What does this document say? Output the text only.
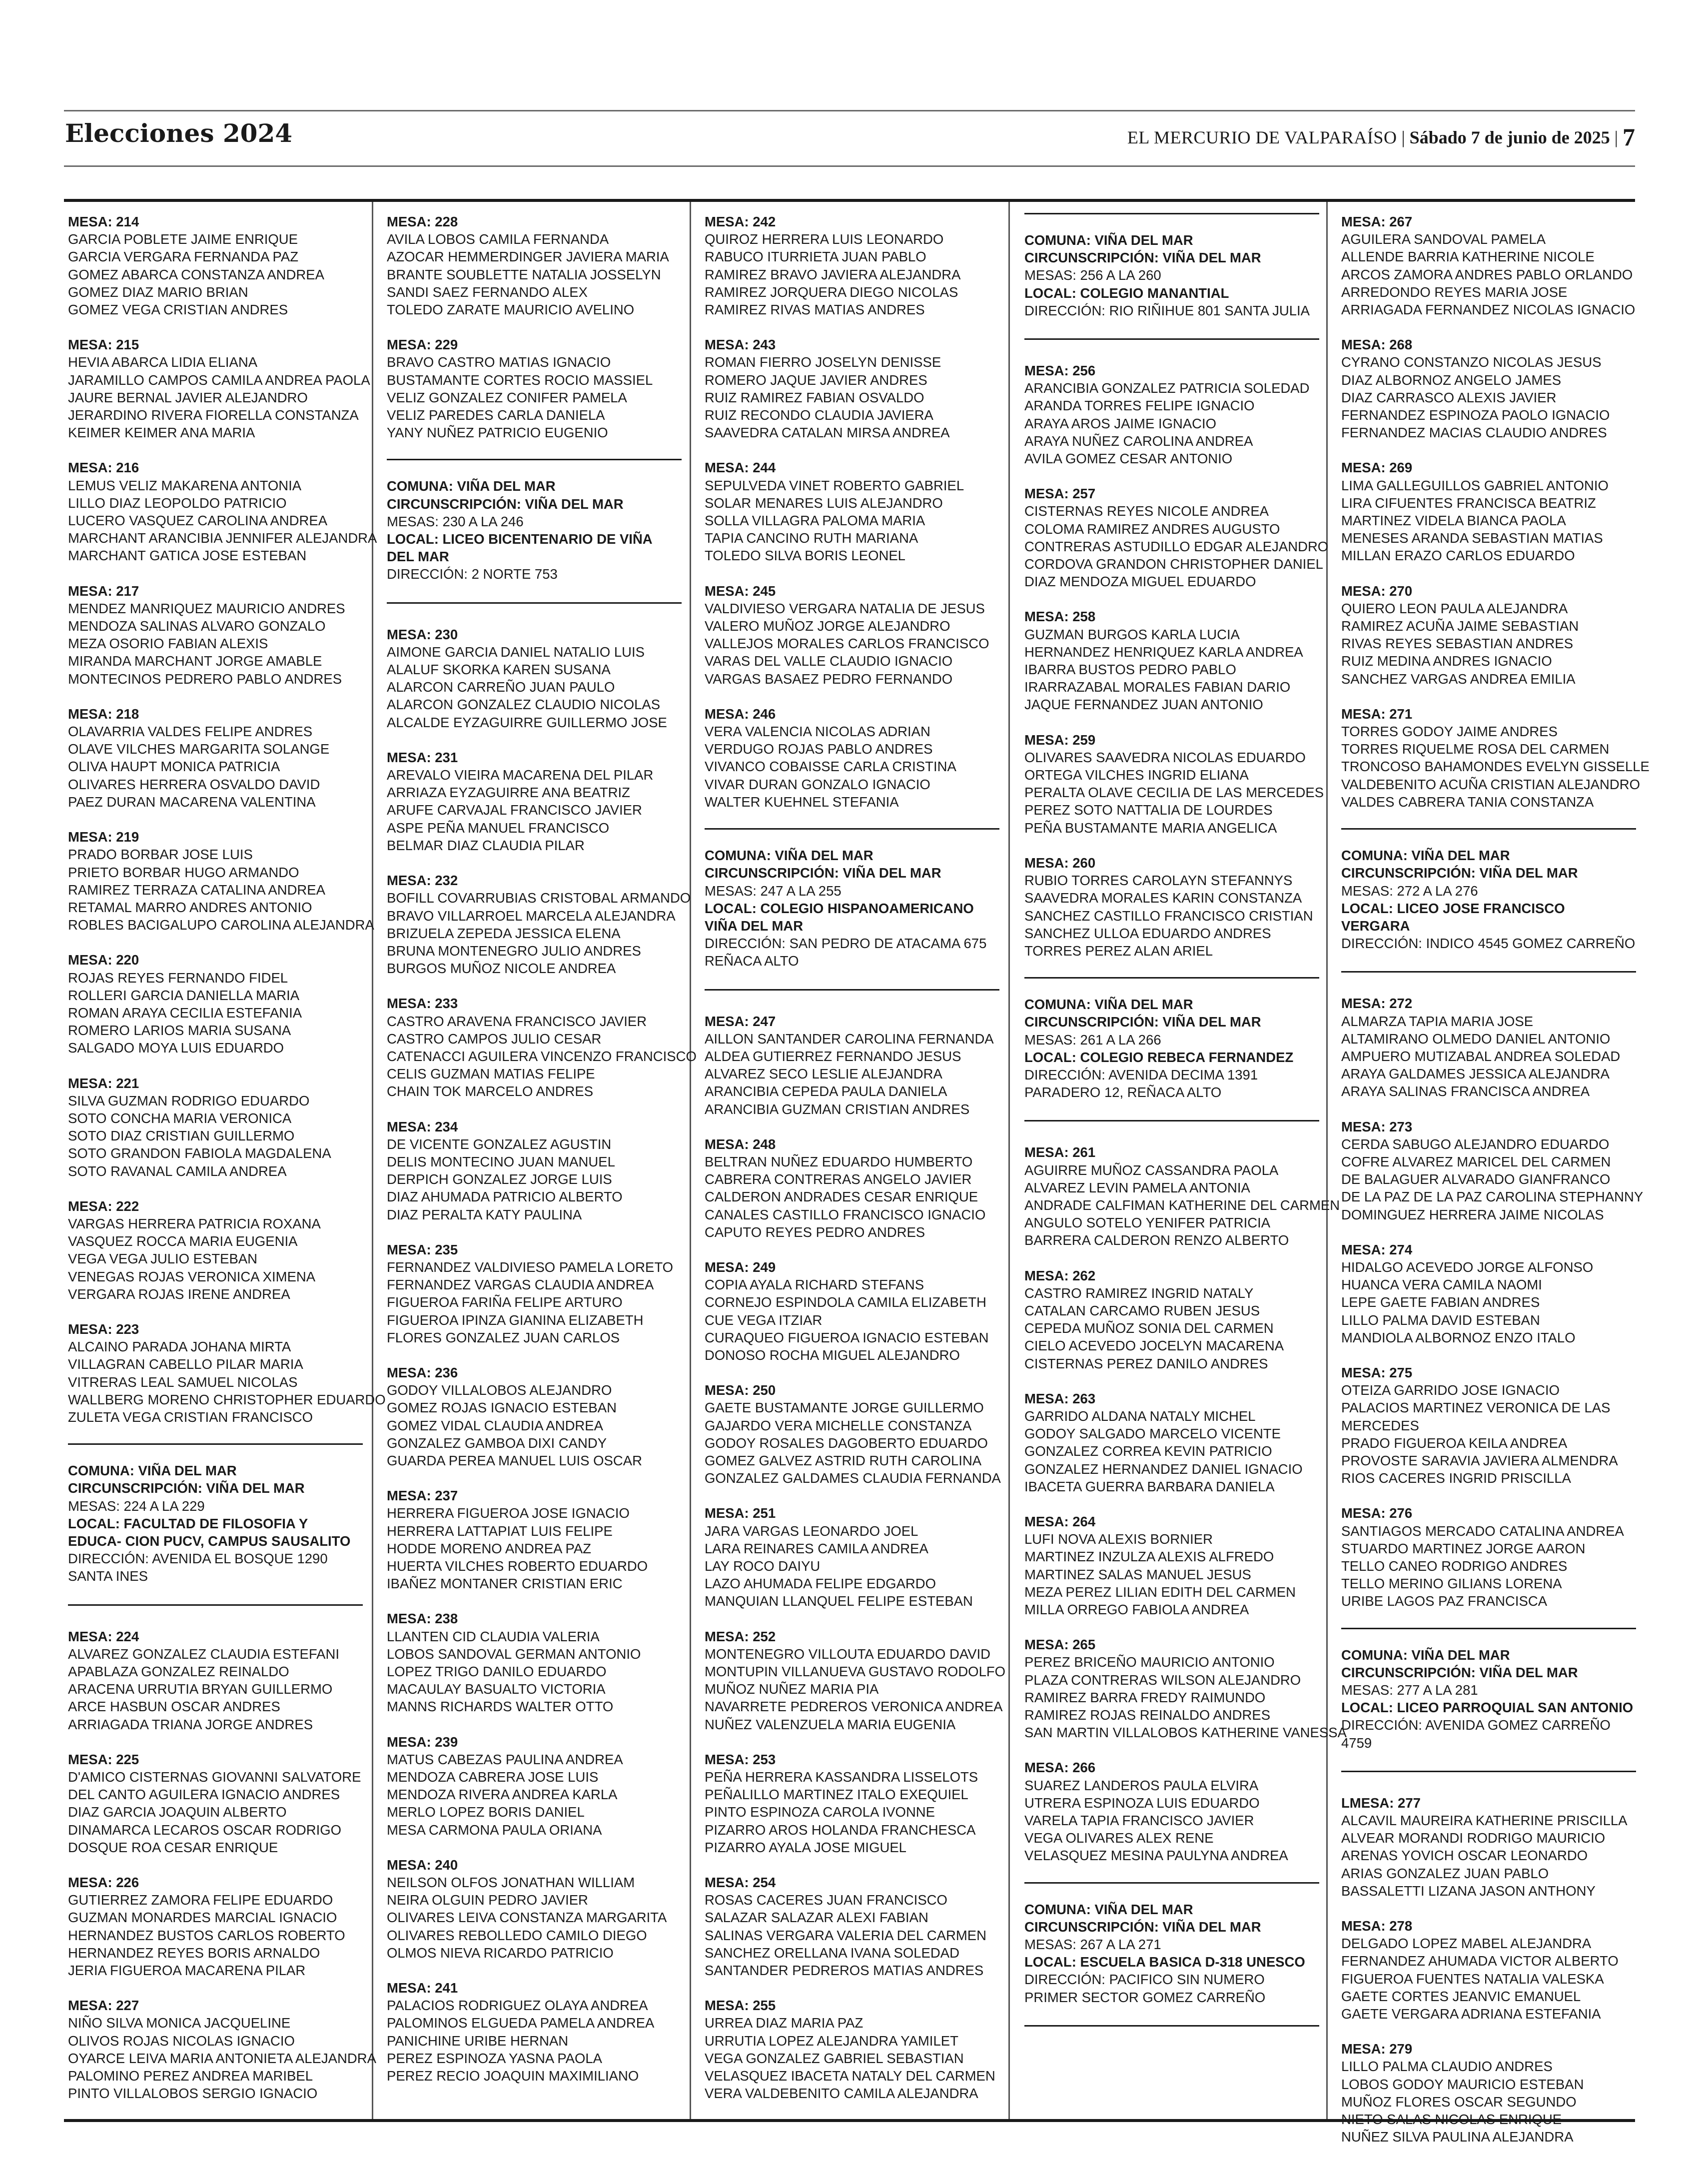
Elecciones 2024	EL MERCURIO DE VALPARAÍSO | Sábado 7 de junio de 2025 | 7
MESA: 214
GARCIA POBLETE JAIME ENRIQUE
GARCIA VERGARA FERNANDA PAZ
GOMEZ ABARCA CONSTANZA ANDREA
GOMEZ DIAZ MARIO BRIAN
GOMEZ VEGA CRISTIAN ANDRES
MESA: 215
HEVIA ABARCA LIDIA ELIANA
JARAMILLO CAMPOS CAMILA ANDREA PAOLA
JAURE BERNAL JAVIER ALEJANDRO
JERARDINO RIVERA FIORELLA CONSTANZA
KEIMER KEIMER ANA MARIA
MESA: 216
LEMUS VELIZ MAKARENA ANTONIA
LILLO DIAZ LEOPOLDO PATRICIO
LUCERO VASQUEZ CAROLINA ANDREA
MARCHANT ARANCIBIA JENNIFER ALEJANDRA
MARCHANT GATICA JOSE ESTEBAN
MESA: 217
MENDEZ MANRIQUEZ MAURICIO ANDRES
MENDOZA SALINAS ALVARO GONZALO
MEZA OSORIO FABIAN ALEXIS
MIRANDA MARCHANT JORGE AMABLE
MONTECINOS PEDRERO PABLO ANDRES
MESA: 218
OLAVARRIA VALDES FELIPE ANDRES
OLAVE VILCHES MARGARITA SOLANGE
OLIVA HAUPT MONICA PATRICIA
OLIVARES HERRERA OSVALDO DAVID
PAEZ DURAN MACARENA VALENTINA
MESA: 219
PRADO BORBAR JOSE LUIS
PRIETO BORBAR HUGO ARMANDO
RAMIREZ TERRAZA CATALINA ANDREA
RETAMAL MARRO ANDRES ANTONIO
ROBLES BACIGALUPO CAROLINA ALEJANDRA
MESA: 220
ROJAS REYES FERNANDO FIDEL
ROLLERI GARCIA DANIELLA MARIA
ROMAN ARAYA CECILIA ESTEFANIA
ROMERO LARIOS MARIA SUSANA
SALGADO MOYA LUIS EDUARDO
MESA: 221
SILVA GUZMAN RODRIGO EDUARDO
SOTO CONCHA MARIA VERONICA
SOTO DIAZ CRISTIAN GUILLERMO
SOTO GRANDON FABIOLA MAGDALENA
SOTO RAVANAL CAMILA ANDREA
MESA: 222
VARGAS HERRERA PATRICIA ROXANA
VASQUEZ ROCCA MARIA EUGENIA
VEGA VEGA JULIO ESTEBAN
VENEGAS ROJAS VERONICA XIMENA
VERGARA ROJAS IRENE ANDREA
MESA: 223
ALCAINO PARADA JOHANA MIRTA
VILLAGRAN CABELLO PILAR MARIA
VITRERAS LEAL SAMUEL NICOLAS
WALLBERG MORENO CHRISTOPHER EDUARDO
ZULETA VEGA CRISTIAN FRANCISCO
COMUNA: VIÑA DEL MAR
CIRCUNSCRIPCIÓN: VIÑA DEL MAR
MESAS: 224 A LA 229
LOCAL: FACULTAD DE FILOSOFIA Y EDUCA- CION PUCV, CAMPUS SAUSALITO
DIRECCIÓN: AVENIDA EL BOSQUE 1290 SANTA INES
MESA: 224
ALVAREZ GONZALEZ CLAUDIA ESTEFANI
APABLAZA GONZALEZ REINALDO
ARACENA URRUTIA BRYAN GUILLERMO
ARCE HASBUN OSCAR ANDRES
ARRIAGADA TRIANA JORGE ANDRES
MESA: 225
D'AMICO CISTERNAS GIOVANNI SALVATORE
DEL CANTO AGUILERA IGNACIO ANDRES
DIAZ GARCIA JOAQUIN ALBERTO
DINAMARCA LECAROS OSCAR RODRIGO
DOSQUE ROA CESAR ENRIQUE
MESA: 226
GUTIERREZ ZAMORA FELIPE EDUARDO
GUZMAN MONARDES MARCIAL IGNACIO
HERNANDEZ BUSTOS CARLOS ROBERTO
HERNANDEZ REYES BORIS ARNALDO
JERIA FIGUEROA MACARENA PILAR
MESA: 227
NIÑO SILVA MONICA JACQUELINE
OLIVOS ROJAS NICOLAS IGNACIO
OYARCE LEIVA MARIA ANTONIETA ALEJANDRA
PALOMINO PEREZ ANDREA MARIBEL
PINTO VILLALOBOS SERGIO IGNACIO
MESA: 228
AVILA LOBOS CAMILA FERNANDA
AZOCAR HEMMERDINGER JAVIERA MARIA
BRANTE SOUBLETTE NATALIA JOSSELYN
SANDI SAEZ FERNANDO ALEX
TOLEDO ZARATE MAURICIO AVELINO
MESA: 229
BRAVO CASTRO MATIAS IGNACIO
BUSTAMANTE CORTES ROCIO MASSIEL
VELIZ GONZALEZ CONIFER PAMELA
VELIZ PAREDES CARLA DANIELA
YANY NUÑEZ PATRICIO EUGENIO
COMUNA: VIÑA DEL MAR
CIRCUNSCRIPCIÓN: VIÑA DEL MAR
MESAS: 230 A LA 246
LOCAL: LICEO BICENTENARIO DE VIÑA DEL MAR
DIRECCIÓN: 2 NORTE 753
MESA: 230
AIMONE GARCIA DANIEL NATALIO LUIS
ALALUF SKORKA KAREN SUSANA
ALARCON CARREÑO JUAN PAULO
ALARCON GONZALEZ CLAUDIO NICOLAS
ALCALDE EYZAGUIRRE GUILLERMO JOSE
MESA: 231
AREVALO VIEIRA MACARENA DEL PILAR
ARRIAZA EYZAGUIRRE ANA BEATRIZ
ARUFE CARVAJAL FRANCISCO JAVIER
ASPE PEÑA MANUEL FRANCISCO
BELMAR DIAZ CLAUDIA PILAR
MESA: 232
BOFILL COVARRUBIAS CRISTOBAL ARMANDO
BRAVO VILLARROEL MARCELA ALEJANDRA
BRIZUELA ZEPEDA JESSICA ELENA
BRUNA MONTENEGRO JULIO ANDRES
BURGOS MUÑOZ NICOLE ANDREA
MESA: 233
CASTRO ARAVENA FRANCISCO JAVIER
CASTRO CAMPOS JULIO CESAR
CATENACCI AGUILERA VINCENZO FRANCISCO
CELIS GUZMAN MATIAS FELIPE
CHAIN TOK MARCELO ANDRES
MESA: 234
DE VICENTE GONZALEZ AGUSTIN
DELIS MONTECINO JUAN MANUEL
DERPICH GONZALEZ JORGE LUIS
DIAZ AHUMADA PATRICIO ALBERTO
DIAZ PERALTA KATY PAULINA
MESA: 235
FERNANDEZ VALDIVIESO PAMELA LORETO
FERNANDEZ VARGAS CLAUDIA ANDREA
FIGUEROA FARIÑA FELIPE ARTURO
FIGUEROA IPINZA GIANINA ELIZABETH
FLORES GONZALEZ JUAN CARLOS
MESA: 236
GODOY VILLALOBOS ALEJANDRO
GOMEZ ROJAS IGNACIO ESTEBAN
GOMEZ VIDAL CLAUDIA ANDREA
GONZALEZ GAMBOA DIXI CANDY
GUARDA PEREA MANUEL LUIS OSCAR
MESA: 237
HERRERA FIGUEROA JOSE IGNACIO
HERRERA LATTAPIAT LUIS FELIPE
HODDE MORENO ANDREA PAZ
HUERTA VILCHES ROBERTO EDUARDO
IBAÑEZ MONTANER CRISTIAN ERIC
MESA: 238
LLANTEN CID CLAUDIA VALERIA
LOBOS SANDOVAL GERMAN ANTONIO
LOPEZ TRIGO DANILO EDUARDO
MACAULAY BASUALTO VICTORIA
MANNS RICHARDS WALTER OTTO
MESA: 239
MATUS CABEZAS PAULINA ANDREA
MENDOZA CABRERA JOSE LUIS
MENDOZA RIVERA ANDREA KARLA
MERLO LOPEZ BORIS DANIEL
MESA CARMONA PAULA ORIANA
MESA: 240
NEILSON OLFOS JONATHAN WILLIAM
NEIRA OLGUIN PEDRO JAVIER
OLIVARES LEIVA CONSTANZA MARGARITA
OLIVARES REBOLLEDO CAMILO DIEGO
OLMOS NIEVA RICARDO PATRICIO
MESA: 241
PALACIOS RODRIGUEZ OLAYA ANDREA
PALOMINOS ELGUEDA PAMELA ANDREA
PANICHINE URIBE HERNAN
PEREZ ESPINOZA YASNA PAOLA
PEREZ RECIO JOAQUIN MAXIMILIANO
MESA: 242
QUIROZ HERRERA LUIS LEONARDO
RABUCO ITURRIETA JUAN PABLO
RAMIREZ BRAVO JAVIERA ALEJANDRA
RAMIREZ JORQUERA DIEGO NICOLAS
RAMIREZ RIVAS MATIAS ANDRES
MESA: 243
ROMAN FIERRO JOSELYN DENISSE
ROMERO JAQUE JAVIER ANDRES
RUIZ RAMIREZ FABIAN OSVALDO
RUIZ RECONDO CLAUDIA JAVIERA
SAAVEDRA CATALAN MIRSA ANDREA
MESA: 244
SEPULVEDA VINET ROBERTO GABRIEL
SOLAR MENARES LUIS ALEJANDRO
SOLLA VILLAGRA PALOMA MARIA
TAPIA CANCINO RUTH MARIANA
TOLEDO SILVA BORIS LEONEL
MESA: 245
VALDIVIESO VERGARA NATALIA DE JESUS
VALERO MUÑOZ JORGE ALEJANDRO
VALLEJOS MORALES CARLOS FRANCISCO
VARAS DEL VALLE CLAUDIO IGNACIO
VARGAS BASAEZ PEDRO FERNANDO
MESA: 246
VERA VALENCIA NICOLAS ADRIAN
VERDUGO ROJAS PABLO ANDRES
VIVANCO COBAISSE CARLA CRISTINA
VIVAR DURAN GONZALO IGNACIO
WALTER KUEHNEL STEFANIA
COMUNA: VIÑA DEL MAR
CIRCUNSCRIPCIÓN: VIÑA DEL MAR
MESAS: 247 A LA 255
LOCAL: COLEGIO HISPANOAMERICANO VIÑA DEL MAR
DIRECCIÓN: SAN PEDRO DE ATACAMA 675 REÑACA ALTO
MESA: 247
AILLON SANTANDER CAROLINA FERNANDA
ALDEA GUTIERREZ FERNANDO JESUS
ALVAREZ SECO LESLIE ALEJANDRA
ARANCIBIA CEPEDA PAULA DANIELA
ARANCIBIA GUZMAN CRISTIAN ANDRES
MESA: 248
BELTRAN NUÑEZ EDUARDO HUMBERTO
CABRERA CONTRERAS ANGELO JAVIER
CALDERON ANDRADES CESAR ENRIQUE
CANALES CASTILLO FRANCISCO IGNACIO
CAPUTO REYES PEDRO ANDRES
MESA: 249
COPIA AYALA RICHARD STEFANS
CORNEJO ESPINDOLA CAMILA ELIZABETH
CUE VEGA ITZIAR
CURAQUEO FIGUEROA IGNACIO ESTEBAN
DONOSO ROCHA MIGUEL ALEJANDRO
MESA: 250
GAETE BUSTAMANTE JORGE GUILLERMO
GAJARDO VERA MICHELLE CONSTANZA
GODOY ROSALES DAGOBERTO EDUARDO
GOMEZ GALVEZ ASTRID RUTH CAROLINA
GONZALEZ GALDAMES CLAUDIA FERNANDA
MESA: 251
JARA VARGAS LEONARDO JOEL
LARA REINARES CAMILA ANDREA
LAY ROCO DAIYU
LAZO AHUMADA FELIPE EDGARDO
MANQUIAN LLANQUEL FELIPE ESTEBAN
MESA: 252
MONTENEGRO VILLOUTA EDUARDO DAVID
MONTUPIN VILLANUEVA GUSTAVO RODOLFO
MUÑOZ NUÑEZ MARIA PIA
NAVARRETE PEDREROS VERONICA ANDREA
NUÑEZ VALENZUELA MARIA EUGENIA
MESA: 253
PEÑA HERRERA KASSANDRA LISSELOTS
PEÑALILLO MARTINEZ ITALO EXEQUIEL
PINTO ESPINOZA CAROLA IVONNE
PIZARRO AROS HOLANDA FRANCHESCA
PIZARRO AYALA JOSE MIGUEL
MESA: 254
ROSAS CACERES JUAN FRANCISCO
SALAZAR SALAZAR ALEXI FABIAN
SALINAS VERGARA VALERIA DEL CARMEN
SANCHEZ ORELLANA IVANA SOLEDAD
SANTANDER PEDREROS MATIAS ANDRES
MESA: 255
URREA DIAZ MARIA PAZ
URRUTIA LOPEZ ALEJANDRA YAMILET
VEGA GONZALEZ GABRIEL SEBASTIAN
VELASQUEZ IBACETA NATALY DEL CARMEN
VERA VALDEBENITO CAMILA ALEJANDRA
COMUNA: VIÑA DEL MAR
CIRCUNSCRIPCIÓN: VIÑA DEL MAR
MESAS: 256 A LA 260
LOCAL: COLEGIO MANANTIAL
DIRECCIÓN: RIO RIÑIHUE 801 SANTA JULIA
MESA: 256
ARANCIBIA GONZALEZ PATRICIA SOLEDAD
ARANDA TORRES FELIPE IGNACIO
ARAYA AROS JAIME IGNACIO
ARAYA NUÑEZ CAROLINA ANDREA
AVILA GOMEZ CESAR ANTONIO
MESA: 257
CISTERNAS REYES NICOLE ANDREA
COLOMA RAMIREZ ANDRES AUGUSTO
CONTRERAS ASTUDILLO EDGAR ALEJANDRO
CORDOVA GRANDON CHRISTOPHER DANIEL
DIAZ MENDOZA MIGUEL EDUARDO
MESA: 258
GUZMAN BURGOS KARLA LUCIA
HERNANDEZ HENRIQUEZ KARLA ANDREA
IBARRA BUSTOS PEDRO PABLO
IRARRAZABAL MORALES FABIAN DARIO
JAQUE FERNANDEZ JUAN ANTONIO
MESA: 259
OLIVARES SAAVEDRA NICOLAS EDUARDO
ORTEGA VILCHES INGRID ELIANA
PERALTA OLAVE CECILIA DE LAS MERCEDES
PEREZ SOTO NATTALIA DE LOURDES
PEÑA BUSTAMANTE MARIA ANGELICA
MESA: 260
RUBIO TORRES CAROLAYN STEFANNYS
SAAVEDRA MORALES KARIN CONSTANZA
SANCHEZ CASTILLO FRANCISCO CRISTIAN
SANCHEZ ULLOA EDUARDO ANDRES
TORRES PEREZ ALAN ARIEL
COMUNA: VIÑA DEL MAR
CIRCUNSCRIPCIÓN: VIÑA DEL MAR
MESAS: 261 A LA 266
LOCAL: COLEGIO REBECA FERNANDEZ
DIRECCIÓN: AVENIDA DECIMA 1391 PARADERO 12, REÑACA ALTO
MESA: 261
AGUIRRE MUÑOZ CASSANDRA PAOLA
ALVAREZ LEVIN PAMELA ANTONIA
ANDRADE CALFIMAN KATHERINE DEL CARMEN
ANGULO SOTELO YENIFER PATRICIA
BARRERA CALDERON RENZO ALBERTO
MESA: 262
CASTRO RAMIREZ INGRID NATALY
CATALAN CARCAMO RUBEN JESUS
CEPEDA MUÑOZ SONIA DEL CARMEN
CIELO ACEVEDO JOCELYN MACARENA
CISTERNAS PEREZ DANILO ANDRES
MESA: 263
GARRIDO ALDANA NATALY MICHEL
GODOY SALGADO MARCELO VICENTE
GONZALEZ CORREA KEVIN PATRICIO
GONZALEZ HERNANDEZ DANIEL IGNACIO
IBACETA GUERRA BARBARA DANIELA
MESA: 264
LUFI NOVA ALEXIS BORNIER
MARTINEZ INZULZA ALEXIS ALFREDO
MARTINEZ SALAS MANUEL JESUS
MEZA PEREZ LILIAN EDITH DEL CARMEN
MILLA ORREGO FABIOLA ANDREA
MESA: 265
PEREZ BRICEÑO MAURICIO ANTONIO
PLAZA CONTRERAS WILSON ALEJANDRO
RAMIREZ BARRA FREDY RAIMUNDO
RAMIREZ ROJAS REINALDO ANDRES
SAN MARTIN VILLALOBOS KATHERINE VANESSA
MESA: 266
SUAREZ LANDEROS PAULA ELVIRA
UTRERA ESPINOZA LUIS EDUARDO
VARELA TAPIA FRANCISCO JAVIER
VEGA OLIVARES ALEX RENE
VELASQUEZ MESINA PAULYNA ANDREA
COMUNA: VIÑA DEL MAR
CIRCUNSCRIPCIÓN: VIÑA DEL MAR
MESAS: 267 A LA 271
LOCAL: ESCUELA BASICA D-318 UNESCO
DIRECCIÓN: PACIFICO SIN NUMERO PRIMER SECTOR GOMEZ CARREÑO
MESA: 267
AGUILERA SANDOVAL PAMELA
ALLENDE BARRIA KATHERINE NICOLE
ARCOS ZAMORA ANDRES PABLO ORLANDO
ARREDONDO REYES MARIA JOSE
ARRIAGADA FERNANDEZ NICOLAS IGNACIO
MESA: 268
CYRANO CONSTANZO NICOLAS JESUS
DIAZ ALBORNOZ ANGELO JAMES
DIAZ CARRASCO ALEXIS JAVIER
FERNANDEZ ESPINOZA PAOLO IGNACIO
FERNANDEZ MACIAS CLAUDIO ANDRES
MESA: 269
LIMA GALLEGUILLOS GABRIEL ANTONIO
LIRA CIFUENTES FRANCISCA BEATRIZ
MARTINEZ VIDELA BIANCA PAOLA
MENESES ARANDA SEBASTIAN MATIAS
MILLAN ERAZO CARLOS EDUARDO
MESA: 270
QUIERO LEON PAULA ALEJANDRA
RAMIREZ ACUÑA JAIME SEBASTIAN
RIVAS REYES SEBASTIAN ANDRES
RUIZ MEDINA ANDRES IGNACIO
SANCHEZ VARGAS ANDREA EMILIA
MESA: 271
TORRES GODOY JAIME ANDRES
TORRES RIQUELME ROSA DEL CARMEN
TRONCOSO BAHAMONDES EVELYN GISSELLE
VALDEBENITO ACUÑA CRISTIAN ALEJANDRO
VALDES CABRERA TANIA CONSTANZA
COMUNA: VIÑA DEL MAR
CIRCUNSCRIPCIÓN: VIÑA DEL MAR
MESAS: 272 A LA 276
LOCAL: LICEO JOSE FRANCISCO VERGARA
DIRECCIÓN: INDICO 4545 GOMEZ CARREÑO
MESA: 272
ALMARZA TAPIA MARIA JOSE
ALTAMIRANO OLMEDO DANIEL ANTONIO
AMPUERO MUTIZABAL ANDREA SOLEDAD
ARAYA GALDAMES JESSICA ALEJANDRA
ARAYA SALINAS FRANCISCA ANDREA
MESA: 273
CERDA SABUGO ALEJANDRO EDUARDO
COFRE ALVAREZ MARICEL DEL CARMEN
DE BALAGUER ALVARADO GIANFRANCO
DE LA PAZ DE LA PAZ CAROLINA STEPHANNY
DOMINGUEZ HERRERA JAIME NICOLAS
MESA: 274
HIDALGO ACEVEDO JORGE ALFONSO
HUANCA VERA CAMILA NAOMI
LEPE GAETE FABIAN ANDRES
LILLO PALMA DAVID ESTEBAN
MANDIOLA ALBORNOZ ENZO ITALO
MESA: 275
OTEIZA GARRIDO JOSE IGNACIO
PALACIOS MARTINEZ VERONICA DE LAS
MERCEDES
PRADO FIGUEROA KEILA ANDREA
PROVOSTE SARAVIA JAVIERA ALMENDRA
RIOS CACERES INGRID PRISCILLA
MESA: 276
SANTIAGOS MERCADO CATALINA ANDREA
STUARDO MARTINEZ JORGE AARON
TELLO CANEO RODRIGO ANDRES
TELLO MERINO GILIANS LORENA
URIBE LAGOS PAZ FRANCISCA
COMUNA: VIÑA DEL MAR
CIRCUNSCRIPCIÓN: VIÑA DEL MAR
MESAS: 277 A LA 281
LOCAL: LICEO PARROQUIAL SAN ANTONIO
DIRECCIÓN: AVENIDA GOMEZ CARREÑO 4759
LMESA: 277
ALCAVIL MAUREIRA KATHERINE PRISCILLA
ALVEAR MORANDI RODRIGO MAURICIO
ARENAS YOVICH OSCAR LEONARDO
ARIAS GONZALEZ JUAN PABLO
BASSALETTI LIZANA JASON ANTHONY
MESA: 278
DELGADO LOPEZ MABEL ALEJANDRA
FERNANDEZ AHUMADA VICTOR ALBERTO
FIGUEROA FUENTES NATALIA VALESKA
GAETE CORTES JEANVIC EMANUEL
GAETE VERGARA ADRIANA ESTEFANIA
MESA: 279
LILLO PALMA CLAUDIO ANDRES
LOBOS GODOY MAURICIO ESTEBAN
MUÑOZ FLORES OSCAR SEGUNDO
NIETO SALAS NICOLAS ENRIQUE
NUÑEZ SILVA PAULINA ALEJANDRA
